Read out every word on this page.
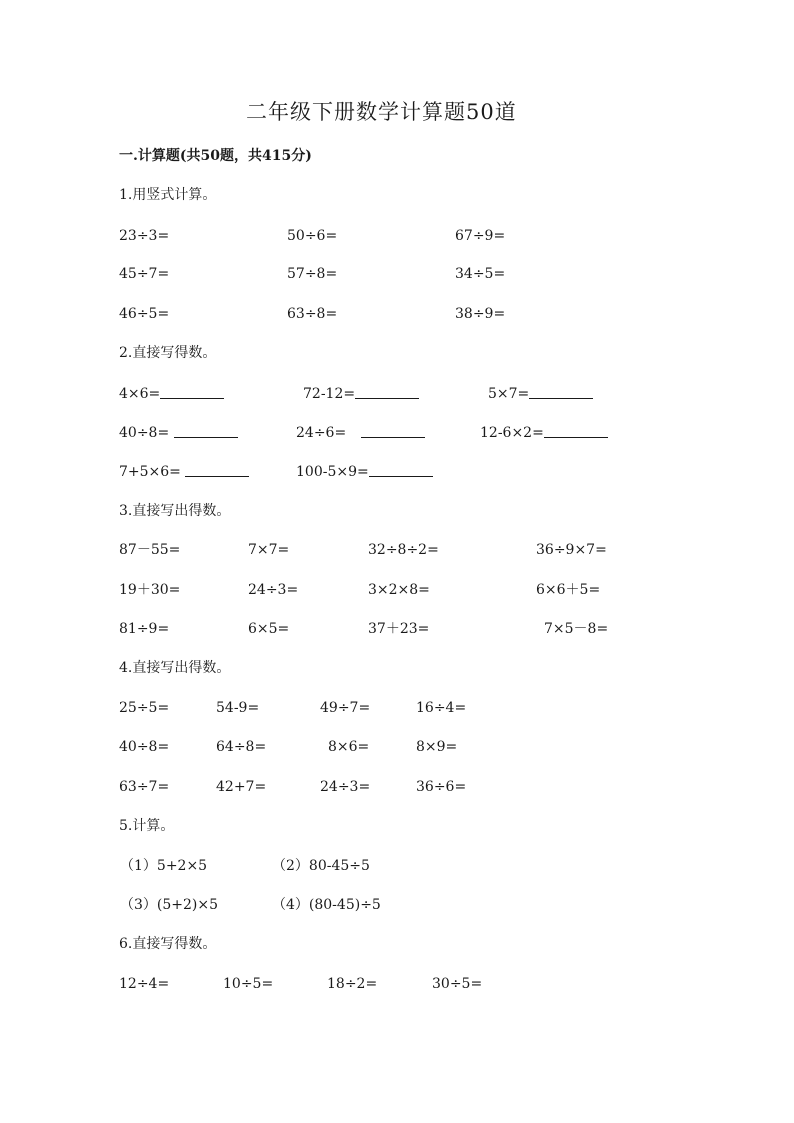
二年级下册数学计算题50道
一.计算题(共50题，共415分)
1.用竖式计算。
23÷3=	50÷6=	67÷9=
45÷7=	57÷8=	34÷5=
46÷5=	63÷8=	38÷9=
2.直接写得数。
4×6=	72-12=	5×7=
40÷8=	24÷6=	12-6×2=
7+5×6=	100-5×9=
3.直接写出得数。
87－55=	7×7=	32÷8÷2=	36÷9×7=
19＋30=	24÷3=	3×2×8=	6×6＋5=
81÷9=	6×5=	37＋23=	7×5－8=
4.直接写出得数。
25÷5=	54-9=	49÷7=	16÷4=
40÷8=	64÷8=	8×6=	8×9=
63÷7=	42+7=	24÷3=	36÷6=
5.计算。
（1）5+2×5	（2）80-45÷5
（3）(5+2)×5	（4）(80-45)÷5
6.直接写得数。
12÷4=	10÷5=	18÷2=	30÷5=
